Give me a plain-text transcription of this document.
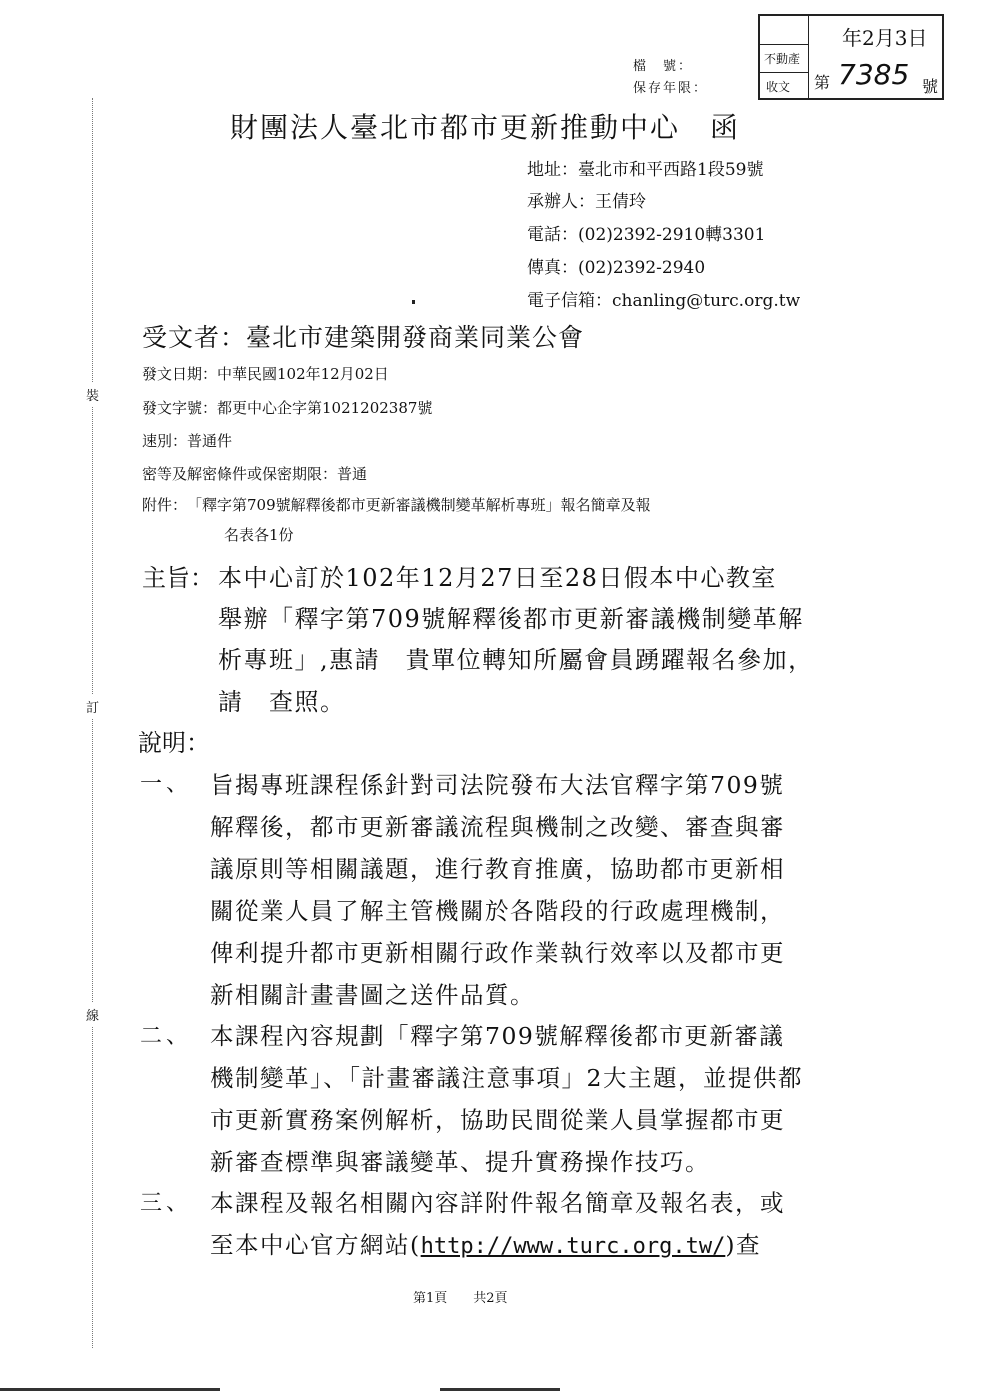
裝
訂
線
檔　號：
保存年限：
不動產
收文
年2月3日
第 7385 號
財團法人臺北市都市更新推動中心　函
地址：臺北市和平西路1段59號
承辦人：王倩玲
電話：(02)2392-2910轉3301
傳真：(02)2392-2940
電子信箱：chanling@turc.org.tw
受文者：臺北市建築開發商業同業公會
發文日期：中華民國102年12月02日
發文字號：都更中心企字第1021202387號
速別：普通件
密等及解密條件或保密期限：普通
附件：　「釋字第709號解釋後都市更新審議機制變革解析專班」報名簡章及報
名表各1份
主旨： 本中心訂於102年12月27日至28日假本中心教室
舉辦「釋字第709號解釋後都市更新審議機制變革解
析專班」,惠請　貴單位轉知所屬會員踴躍報名參加，
請　查照。
說明：
一、 旨揭專班課程係針對司法院發布大法官釋字第709號
解釋後，都市更新審議流程與機制之改變、審查與審
議原則等相關議題，進行教育推廣，協助都市更新相
關從業人員了解主管機關於各階段的行政處理機制，
俾利提升都市更新相關行政作業執行效率以及都市更
新相關計畫書圖之送件品質。
二、 本課程內容規劃「釋字第709號解釋後都市更新審議
機制變革」、「計畫審議注意事項」2大主題，並提供都
市更新實務案例解析，協助民間從業人員掌握都市更
新審查標準與審議變革、提升實務操作技巧。
三、 本課程及報名相關內容詳附件報名簡章及報名表，或
至本中心官方網站(http://www.turc.org.tw/)查
第1頁　　共2頁
